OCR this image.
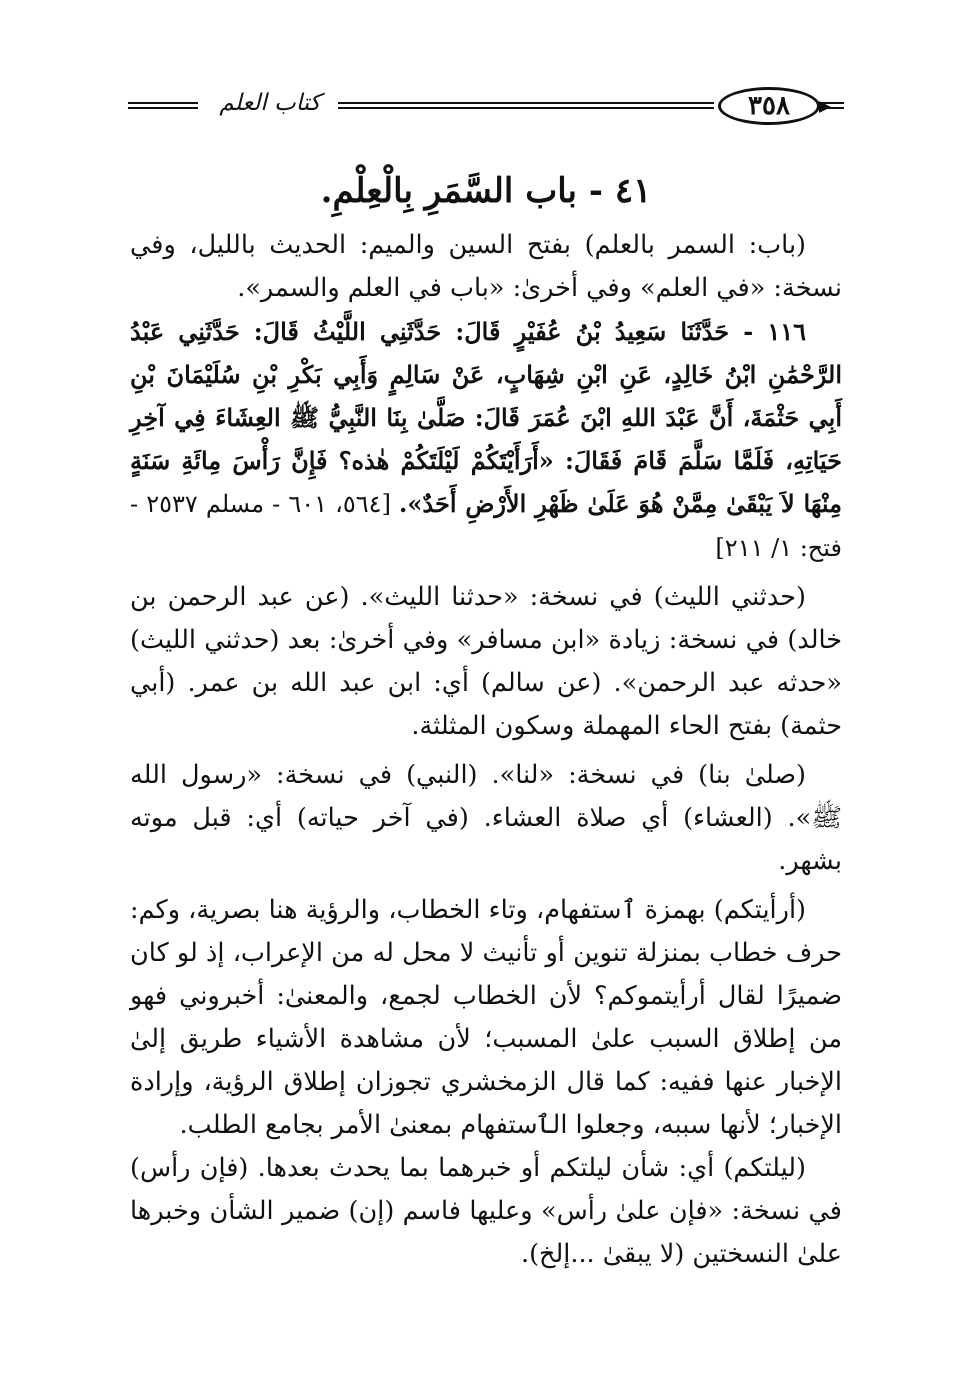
كتاب العلم	٣٥٨
٤١ - باب السَّمَرِ بِالْعِلْمِ.

(باب: السمر بالعلم) بفتح السين والميم: الحديث بالليل، وفي نسخة: «في العلم» وفي أخرىٰ: «باب في العلم والسمر».

١١٦ - حَدَّثَنَا سَعِيدُ بْنُ عُفَيْرٍ قَالَ: حَدَّثَنِي اللَّيْثُ قَالَ: حَدَّثَنِي عَبْدُ الرَّحْمَٰنِ ابْنُ خَالِدٍ، عَنِ ابْنِ شِهَابٍ، عَنْ سَالِمٍ وَأَبِي بَكْرِ بْنِ سُلَيْمَانَ بْنِ أَبِي حَثْمَةَ، أَنَّ عَبْدَ اللهِ ابْنَ عُمَرَ قَالَ: صَلَّىٰ بِنَا النَّبِيُّ ﷺ العِشَاءَ فِي آخِرِ حَيَاتِهِ، فَلَمَّا سَلَّمَ قَامَ فَقَالَ: «أَرَأَيْتَكُمْ لَيْلَتَكُمْ هٰذه؟ فَإِنَّ رَأْسَ مِائَةِ سَنَةٍ مِنْهَا لاَ يَبْقَىٰ مِمَّنْ هُوَ عَلَىٰ ظَهْرِ الأَرْضِ أَحَدٌ». [٥٦٤، ٦٠١ - مسلم ٢٥٣٧ - فتح: ١/ ٢١١]

(حدثني الليث) في نسخة: «حدثنا الليث». (عن عبد الرحمن بن خالد) في نسخة: زيادة «ابن مسافر» وفي أخرىٰ: بعد (حدثني الليث) «حدثه عبد الرحمن». (عن سالم) أي: ابن عبد الله بن عمر. (أبي حثمة) بفتح الحاء المهملة وسكون المثلثة.

(صلىٰ بنا) في نسخة: «لنا». (النبي) في نسخة: «رسول الله ﷺ». (العشاء) أي صلاة العشاء. (في آخر حياته) أي: قبل موته بشهر.

(أرأيتكم) بهمزة ٱستفهام، وتاء الخطاب، والرؤية هنا بصرية، وكم: حرف خطاب بمنزلة تنوين أو تأنيث لا محل له من الإعراب، إذ لو كان ضميرًا لقال أرأيتموكم؟ لأن الخطاب لجمع، والمعنىٰ: أخبروني فهو من إطلاق السبب علىٰ المسبب؛ لأن مشاهدة الأشياء طريق إلىٰ الإخبار عنها ففيه: كما قال الزمخشري تجوزان إطلاق الرؤية، وإرادة الإخبار؛ لأنها سببه، وجعلوا الٱستفهام بمعنىٰ الأمر بجامع الطلب.

(ليلتكم) أي: شأن ليلتكم أو خبرهما بما يحدث بعدها. (فإن رأس) في نسخة: «فإن علىٰ رأس» وعليها فاسم (إن) ضمير الشأن وخبرها علىٰ النسختين (لا يبقىٰ ...إلخ).
